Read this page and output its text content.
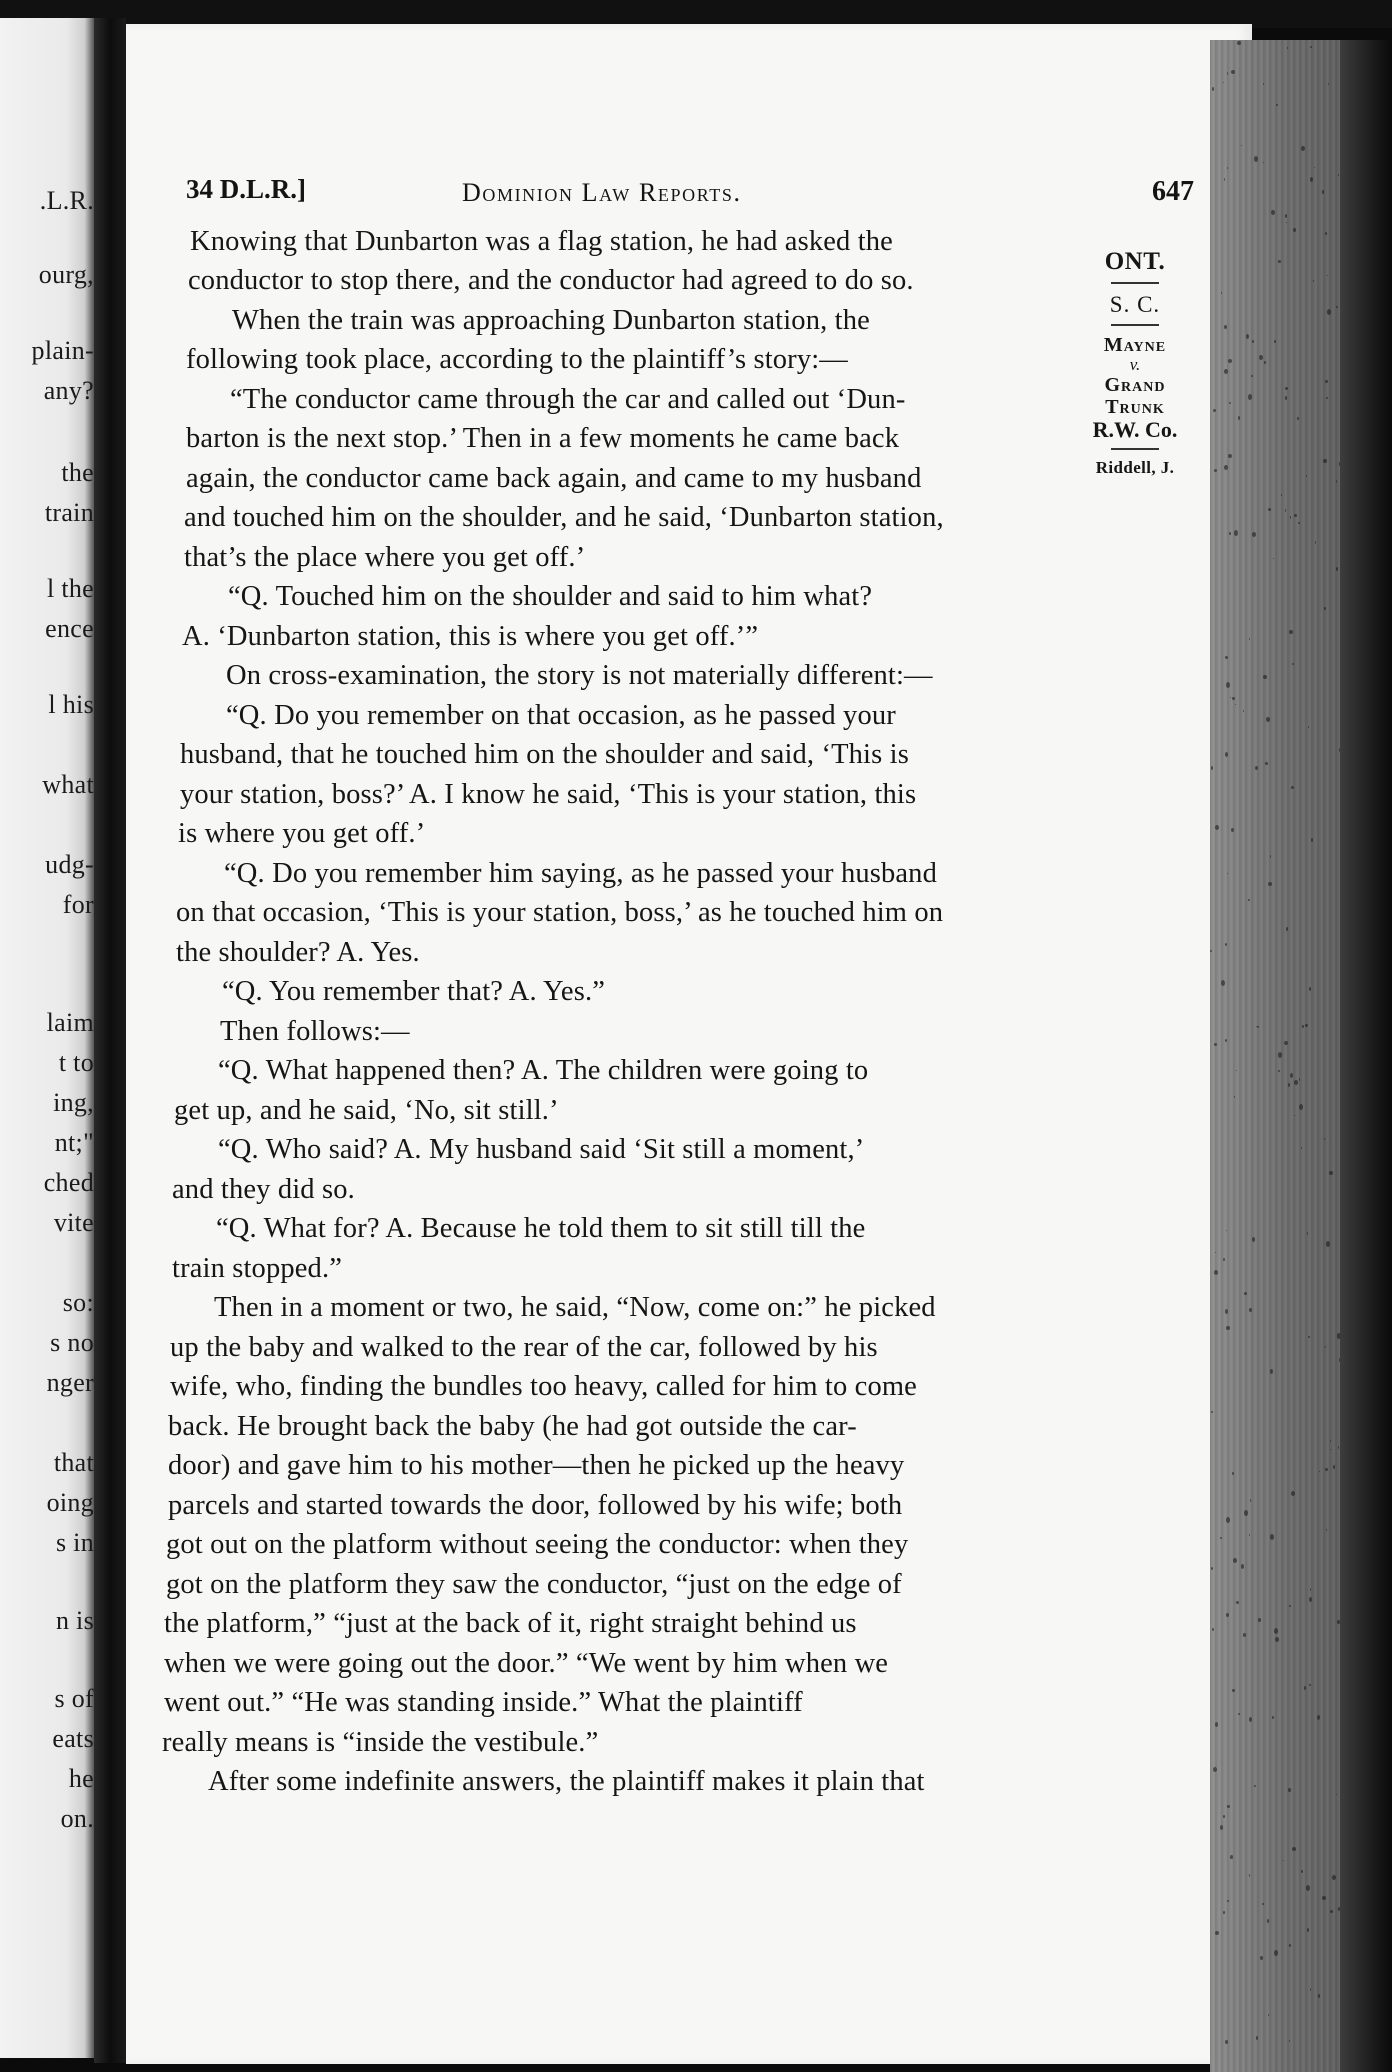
.L.R.
ourg,
plain-
any?
the
train
l the
ence
l his
what
udg-
for
laim
t to
ing,
nt;"
ched
vite
so:
s no
nger
that
oing
s in
n is
s of
eats
he
on.
34 D.L.R.]	Dominion Law Reports.	647
ONT.
S. C.
Mayne
v.
Grand
Trunk
R.W. Co.
Riddell, J.
Knowing that Dunbarton was a flag station, he had asked the
conductor to stop there, and the conductor had agreed to do so.
When the train was approaching Dunbarton station, the
following took place, according to the plaintiff’s story:—
“The conductor came through the car and called out ‘Dun-
barton is the next stop.’ Then in a few moments he came back
again, the conductor came back again, and came to my husband
and touched him on the shoulder, and he said, ‘Dunbarton station,
that’s the place where you get off.’
“Q. Touched him on the shoulder and said to him what?
A. ‘Dunbarton station, this is where you get off.’”
On cross-examination, the story is not materially different:—
“Q. Do you remember on that occasion, as he passed your
husband, that he touched him on the shoulder and said, ‘This is
your station, boss?’ A. I know he said, ‘This is your station, this
is where you get off.’
“Q. Do you remember him saying, as he passed your husband
on that occasion, ‘This is your station, boss,’ as he touched him on
the shoulder? A. Yes.
“Q. You remember that? A. Yes.”
Then follows:—
“Q. What happened then? A. The children were going to
get up, and he said, ‘No, sit still.’
“Q. Who said? A. My husband said ‘Sit still a moment,’
and they did so.
“Q. What for? A. Because he told them to sit still till the
train stopped.”
Then in a moment or two, he said, “Now, come on:” he picked
up the baby and walked to the rear of the car, followed by his
wife, who, finding the bundles too heavy, called for him to come
back. He brought back the baby (he had got outside the car-
door) and gave him to his mother—then he picked up the heavy
parcels and started towards the door, followed by his wife; both
got out on the platform without seeing the conductor: when they
got on the platform they saw the conductor, “just on the edge of
the platform,” “just at the back of it, right straight behind us
when we were going out the door.” “We went by him when we
went out.” “He was standing inside.” What the plaintiff
really means is “inside the vestibule.”
After some indefinite answers, the plaintiff makes it plain that
